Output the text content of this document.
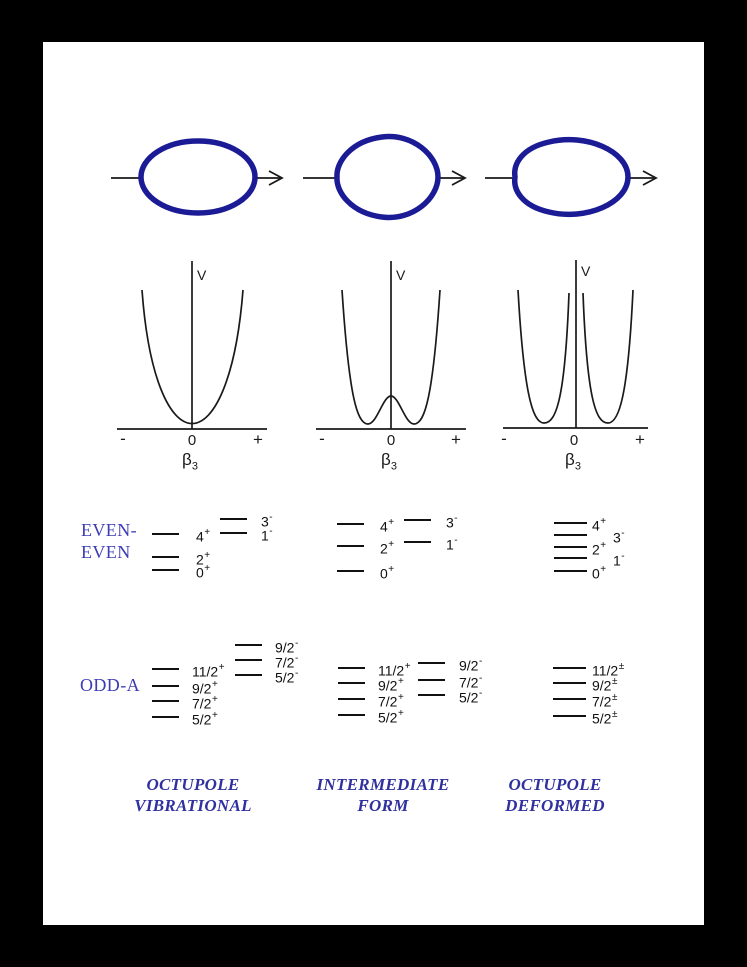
V
-	0	+
$\beta_3$
V
-	0	+
$\beta_3$
V
-	0	+
$\beta_3$
EVEN-
EVEN
ODD-A
4+
2+
0+
3-
1-
11/2+
9/2+
7/2+
5/2+
9/2-
7/2-
5/2-
4+
2+
0+
3-
1-
11/2+
9/2+
7/2+
5/2+
9/2-
7/2-
5/2-
4+
3-
2+
1-
0+
11/2±
9/2±
7/2±
5/2±
OCTUPOLE
VIBRATIONAL
INTERMEDIATE
FORM
OCTUPOLE
DEFORMED
